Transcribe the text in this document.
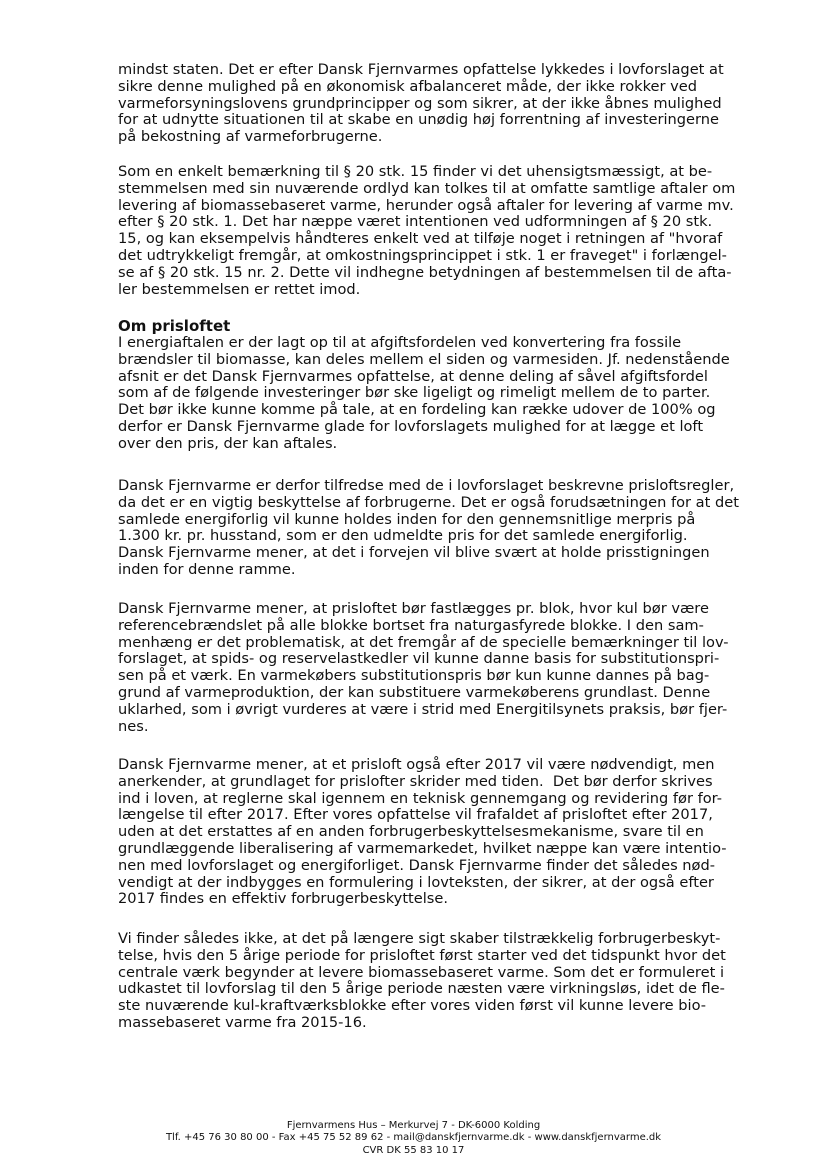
mindst staten. Det er efter Dansk Fjernvarmes opfattelse lykkedes i lovforslaget at
sikre denne mulighed på en økonomisk afbalanceret måde, der ikke rokker ved
varmeforsyningslovens grundprincipper og som sikrer, at der ikke åbnes mulighed
for at udnytte situationen til at skabe en unødig høj forrentning af investeringerne
på bekostning af varmeforbrugerne.
Som en enkelt bemærkning til § 20 stk. 15 finder vi det uhensigtsmæssigt, at be-
stemmelsen med sin nuværende ordlyd kan tolkes til at omfatte samtlige aftaler om
levering af biomassebaseret varme, herunder også aftaler for levering af varme mv.
efter § 20 stk. 1. Det har næppe været intentionen ved udformningen af § 20 stk.
15, og kan eksempelvis håndteres enkelt ved at tilføje noget i retningen af "hvoraf
det udtrykkeligt fremgår, at omkostningsprincippet i stk. 1 er fraveget" i forlængel-
se af § 20 stk. 15 nr. 2. Dette vil indhegne betydningen af bestemmelsen til de afta-
ler bestemmelsen er rettet imod.
Om prisloftet
I energiaftalen er der lagt op til at afgiftsfordelen ved konvertering fra fossile
brændsler til biomasse, kan deles mellem el siden og varmesiden. Jf. nedenstående
afsnit er det Dansk Fjernvarmes opfattelse, at denne deling af såvel afgiftsfordel
som af de følgende investeringer bør ske ligeligt og rimeligt mellem de to parter.
Det bør ikke kunne komme på tale, at en fordeling kan række udover de 100% og
derfor er Dansk Fjernvarme glade for lovforslagets mulighed for at lægge et loft
over den pris, der kan aftales.
Dansk Fjernvarme er derfor tilfredse med de i lovforslaget beskrevne prisloftsregler,
da det er en vigtig beskyttelse af forbrugerne. Det er også forudsætningen for at det
samlede energiforlig vil kunne holdes inden for den gennemsnitlige merpris på
1.300 kr. pr. husstand, som er den udmeldte pris for det samlede energiforlig.
Dansk Fjernvarme mener, at det i forvejen vil blive svært at holde prisstigningen
inden for denne ramme.
Dansk Fjernvarme mener, at prisloftet bør fastlægges pr. blok, hvor kul bør være
referencebrændslet på alle blokke bortset fra naturgasfyrede blokke. I den sam-
menhæng er det problematisk, at det fremgår af de specielle bemærkninger til lov-
forslaget, at spids- og reservelastkedler vil kunne danne basis for substitutionspri-
sen på et værk. En varmekøbers substitutionspris bør kun kunne dannes på bag-
grund af varmeproduktion, der kan substituere varmekøberens grundlast. Denne
uklarhed, som i øvrigt vurderes at være i strid med Energitilsynets praksis, bør fjer-
nes.
Dansk Fjernvarme mener, at et prisloft også efter 2017 vil være nødvendigt, men
anerkender, at grundlaget for prislofter skrider med tiden.  Det bør derfor skrives
ind i loven, at reglerne skal igennem en teknisk gennemgang og revidering før for-
længelse til efter 2017. Efter vores opfattelse vil frafaldet af prisloftet efter 2017,
uden at det erstattes af en anden forbrugerbeskyttelsesmekanisme, svare til en
grundlæggende liberalisering af varmemarkedet, hvilket næppe kan være intentio-
nen med lovforslaget og energiforliget. Dansk Fjernvarme finder det således nød-
vendigt at der indbygges en formulering i lovteksten, der sikrer, at der også efter
2017 findes en effektiv forbrugerbeskyttelse.
Vi finder således ikke, at det på længere sigt skaber tilstrækkelig forbrugerbeskyt-
telse, hvis den 5 årige periode for prisloftet først starter ved det tidspunkt hvor det
centrale værk begynder at levere biomassebaseret varme. Som det er formuleret i
udkastet til lovforslag til den 5 årige periode næsten være virkningsløs, idet de fle-
ste nuværende kul-kraftværksblokke efter vores viden først vil kunne levere bio-
massebaseret varme fra 2015-16.
Fjernvarmens Hus – Merkurvej 7 - DK-6000 Kolding
Tlf. +45 76 30 80 00 - Fax +45 75 52 89 62 - mail@danskfjernvarme.dk - www.danskfjernvarme.dk
CVR DK 55 83 10 17
